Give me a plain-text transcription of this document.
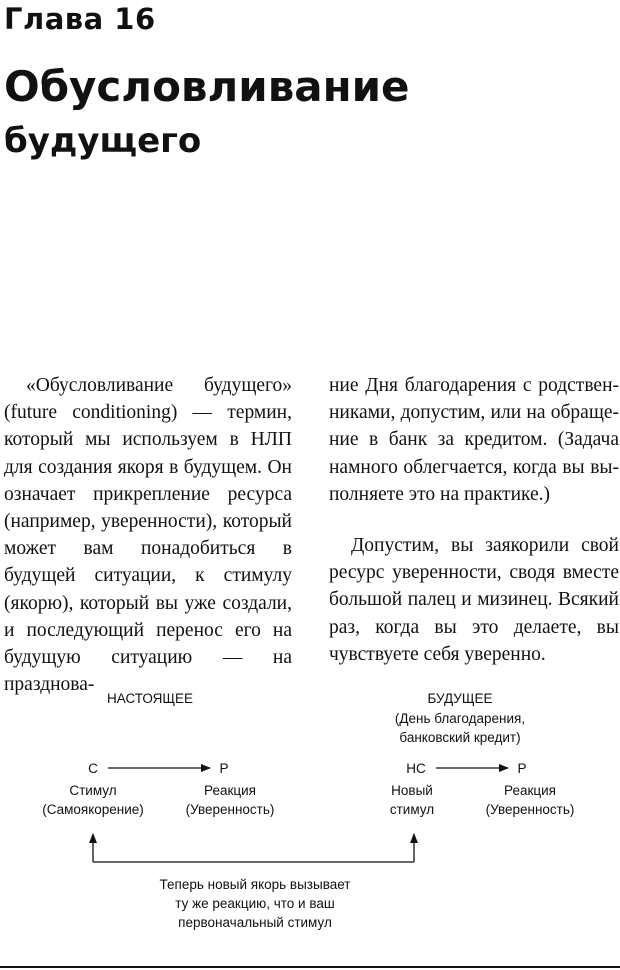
Глава 16
Обусловливание
будущего

«Обусловливание будущего» (future conditioning) — термин, который мы используем в НЛП для создания якоря в будущем. Он означает прикрепление ресурса (например, уверенности), который может вам понадобиться в будущей ситуации, к стимулу (якорю), который вы уже создали, и последующий перенос его на будущую ситуацию — на празднова-

ние Дня благодарения с родственниками, допустим, или на обращение в банк за кредитом. (Задача намного облегчается, когда вы выполняете это на практике.)

Допустим, вы заякорили свой ресурс уверенности, сводя вместе большой палец и мизинец. Всякий раз, когда вы это делаете, вы чувствуете себя уверенно.

НАСТОЯЩЕЕ	БУДУЩЕЕ
(День благодарения,
банковский кредит)
С	Р	НС	Р
Стимул
(Самоякорение)
Реакция
(Уверенность)
Новый
стимул
Реакция
(Уверенность)
Теперь новый якорь вызывает
ту же реакцию, что и ваш
первоначальный стимул
